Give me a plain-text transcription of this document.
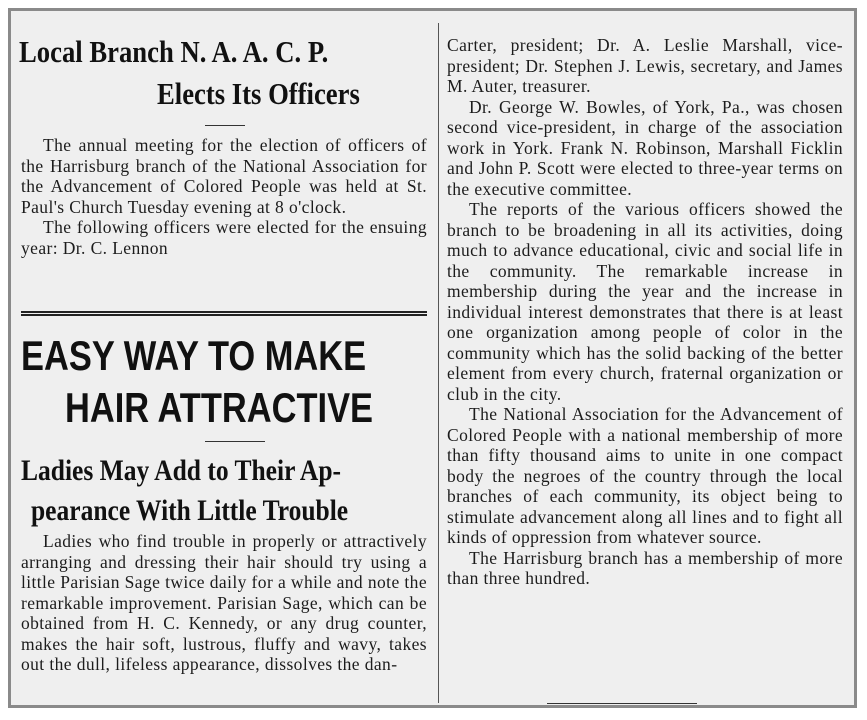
Local Branch N. A. A. C. P.
Elects Its Officers

The annual meeting for the election of officers of the Harrisburg branch of the National Association for the Advancement of Colored People was held at St. Paul's Church Tuesday evening at 8 o'clock.

The following officers were elected for the ensuing year: Dr. C. Lennon

EASY WAY TO MAKE
HAIR ATTRACTIVE
Ladies May Add to Their Ap-
pearance With Little Trouble

Ladies who find trouble in properly or attractively arranging and dressing their hair should try using a little Parisian Sage twice daily for a while and note the remarkable improvement. Parisian Sage, which can be obtained from H. C. Kennedy, or any drug counter, makes the hair soft, lustrous, fluffy and wavy, takes out the dull, lifeless appearance, dissolves the dan-

Carter, president; Dr. A. Leslie Marshall, vice-president; Dr. Stephen J. Lewis, secretary, and James M. Auter, treasurer.

Dr. George W. Bowles, of York, Pa., was chosen second vice-president, in charge of the association work in York. Frank N. Robinson, Marshall Ficklin and John P. Scott were elected to three-year terms on the executive committee.

The reports of the various officers showed the branch to be broadening in all its activities, doing much to advance educational, civic and social life in the community. The remarkable increase in membership during the year and the increase in individual interest demonstrates that there is at least one organization among people of color in the community which has the solid backing of the better element from every church, fraternal organization or club in the city.

The National Association for the Advancement of Colored People with a national membership of more than fifty thousand aims to unite in one compact body the negroes of the country through the local branches of each community, its object being to stimulate advancement along all lines and to fight all kinds of oppression from whatever source.

The Harrisburg branch has a membership of more than three hundred.
